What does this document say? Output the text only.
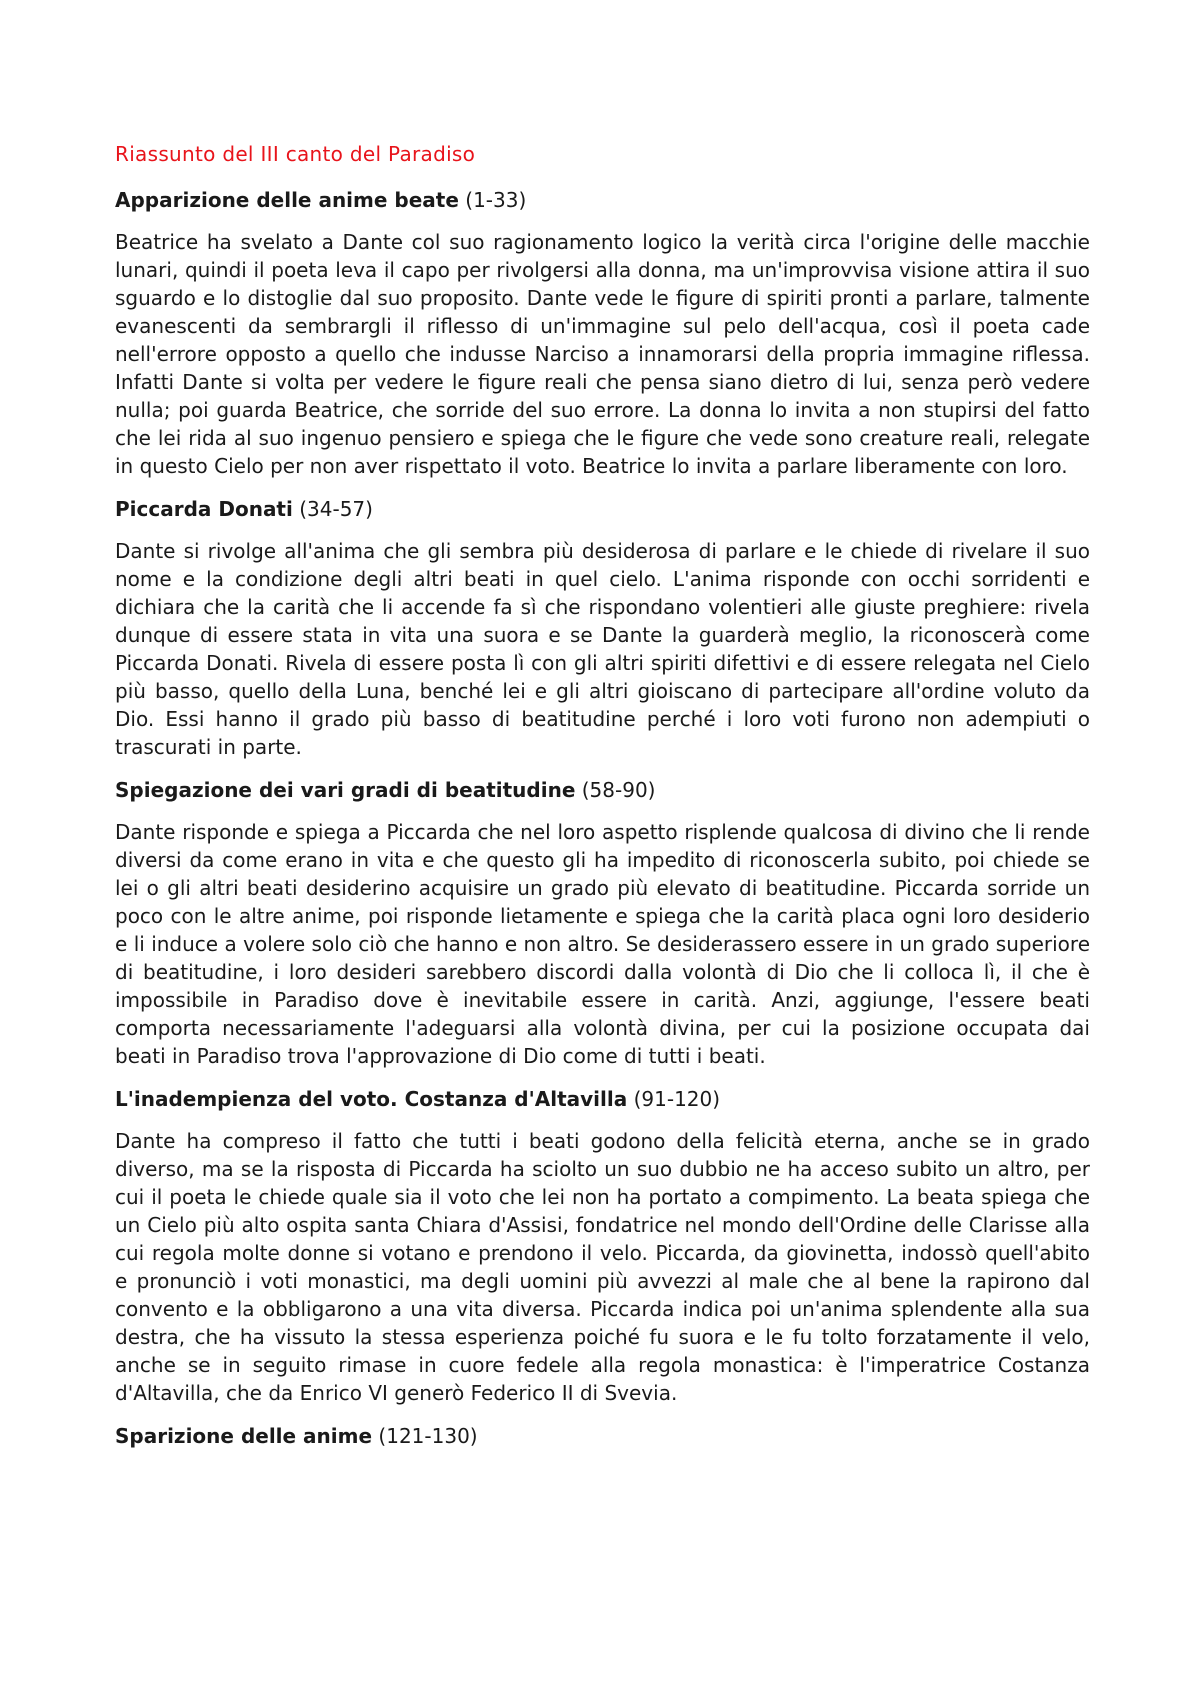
Riassunto del III canto del Paradiso
Apparizione delle anime beate (1-33)

Beatrice ha svelato a Dante col suo ragionamento logico la verità circa l'origine delle macchie lunari, quindi il poeta leva il capo per rivolgersi alla donna, ma un'improvvisa visione attira il suo sguardo e lo distoglie dal suo proposito. Dante vede le figure di spiriti pronti a parlare, talmente evanescenti da sembrargli il riflesso di un'immagine sul pelo dell'acqua, così il poeta cade nell'errore opposto a quello che indusse Narciso a innamorarsi della propria immagine riflessa. Infatti Dante si volta per vedere le figure reali che pensa siano dietro di lui, senza però vedere nulla; poi guarda Beatrice, che sorride del suo errore. La donna lo invita a non stupirsi del fatto che lei rida al suo ingenuo pensiero e spiega che le figure che vede sono creature reali, relegate in questo Cielo per non aver rispettato il voto. Beatrice lo invita a parlare liberamente con loro.

Piccarda Donati (34-57)

Dante si rivolge all'anima che gli sembra più desiderosa di parlare e le chiede di rivelare il suo nome e la condizione degli altri beati in quel cielo. L'anima risponde con occhi sorridenti e dichiara che la carità che li accende fa sì che rispondano volentieri alle giuste preghiere: rivela dunque di essere stata in vita una suora e se Dante la guarderà meglio, la riconoscerà come Piccarda Donati. Rivela di essere posta lì con gli altri spiriti difettivi e di essere relegata nel Cielo più basso, quello della Luna, benché lei e gli altri gioiscano di partecipare all'ordine voluto da Dio. Essi hanno il grado più basso di beatitudine perché i loro voti furono non adempiuti o trascurati in parte.

Spiegazione dei vari gradi di beatitudine (58-90)

Dante risponde e spiega a Piccarda che nel loro aspetto risplende qualcosa di divino che li rende diversi da come erano in vita e che questo gli ha impedito di riconoscerla subito, poi chiede se lei o gli altri beati desiderino acquisire un grado più elevato di beatitudine. Piccarda sorride un poco con le altre anime, poi risponde lietamente e spiega che la carità placa ogni loro desiderio e li induce a volere solo ciò che hanno e non altro. Se desiderassero essere in un grado superiore di beatitudine, i loro desideri sarebbero discordi dalla volontà di Dio che li colloca lì, il che è impossibile in Paradiso dove è inevitabile essere in carità. Anzi, aggiunge, l'essere beati comporta necessariamente l'adeguarsi alla volontà divina, per cui la posizione occupata dai beati in Paradiso trova l'approvazione di Dio come di tutti i beati.

L'inadempienza del voto. Costanza d'Altavilla (91-120)

Dante ha compreso il fatto che tutti i beati godono della felicità eterna, anche se in grado diverso, ma se la risposta di Piccarda ha sciolto un suo dubbio ne ha acceso subito un altro, per cui il poeta le chiede quale sia il voto che lei non ha portato a compimento. La beata spiega che un Cielo più alto ospita santa Chiara d'Assisi, fondatrice nel mondo dell'Ordine delle Clarisse alla cui regola molte donne si votano e prendono il velo. Piccarda, da giovinetta, indossò quell'abito e pronunciò i voti monastici, ma degli uomini più avvezzi al male che al bene la rapirono dal convento e la obbligarono a una vita diversa. Piccarda indica poi un'anima splendente alla sua destra, che ha vissuto la stessa esperienza poiché fu suora e le fu tolto forzatamente il velo, anche se in seguito rimase in cuore fedele alla regola monastica: è l'imperatrice Costanza d'Altavilla, che da Enrico VI generò Federico II di Svevia.

Sparizione delle anime (121-130)
